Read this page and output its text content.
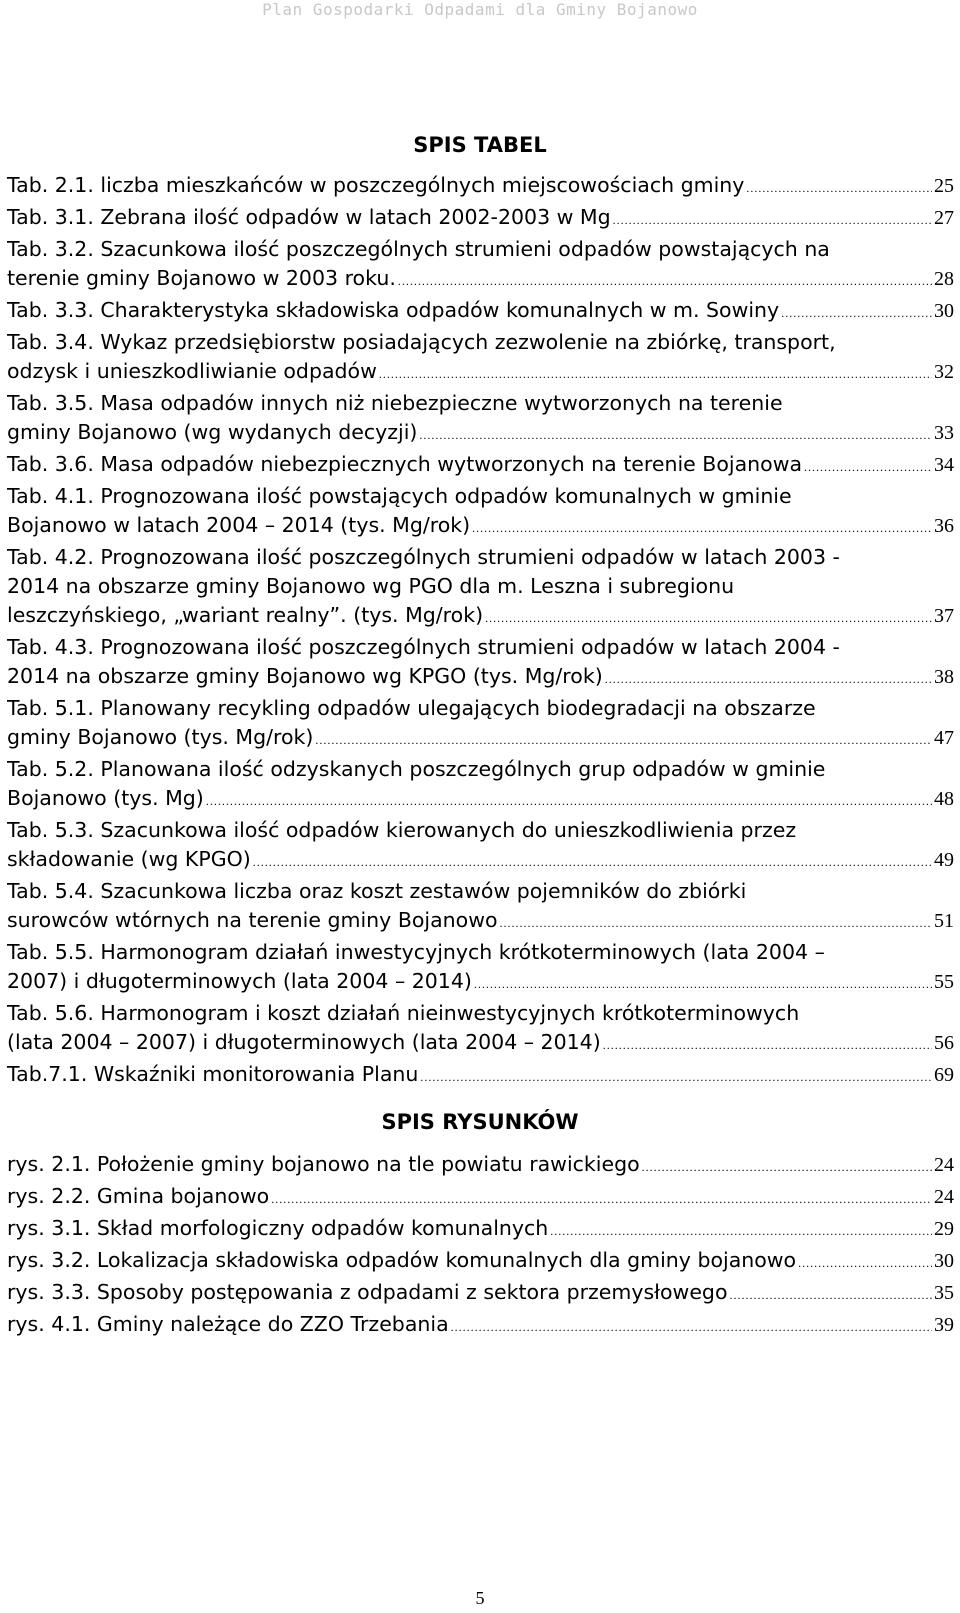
Plan Gospodarki Odpadami dla Gminy Bojanowo
SPIS TABEL
Tab. 2.1. liczba mieszkańców w poszczególnych miejscowościach gminy .....	25
Tab. 3.1. Zebrana ilość odpadów w latach 2002-2003 w Mg .....	27
Tab. 3.2. Szacunkowa ilość poszczególnych strumieni odpadów powstających na
terenie gminy Bojanowo w 2003 roku. .....	28
Tab. 3.3. Charakterystyka składowiska odpadów komunalnych w m. Sowiny .....	30
Tab. 3.4. Wykaz przedsiębiorstw posiadających zezwolenie na zbiórkę, transport,
odzysk i unieszkodliwianie odpadów .....	32
Tab. 3.5. Masa odpadów innych niż niebezpieczne wytworzonych na terenie
gminy Bojanowo (wg wydanych decyzji) .....	33
Tab. 3.6. Masa odpadów niebezpiecznych wytworzonych na terenie Bojanowa .....	34
Tab. 4.1. Prognozowana ilość powstających odpadów komunalnych w gminie
Bojanowo w latach 2004 – 2014 (tys. Mg/rok) .....	36
Tab. 4.2. Prognozowana ilość poszczególnych strumieni odpadów w latach 2003 -
2014 na obszarze gminy Bojanowo wg PGO dla m. Leszna i subregionu
leszczyńskiego, „wariant realny”. (tys. Mg/rok) .....	37
Tab. 4.3. Prognozowana ilość poszczególnych strumieni odpadów w latach 2004 -
2014 na obszarze gminy Bojanowo wg KPGO (tys. Mg/rok) .....	38
Tab. 5.1. Planowany recykling odpadów ulegających biodegradacji na obszarze
gminy Bojanowo (tys. Mg/rok) .....	47
Tab. 5.2. Planowana ilość odzyskanych poszczególnych grup odpadów w gminie
Bojanowo (tys. Mg) .....	48
Tab. 5.3. Szacunkowa ilość odpadów kierowanych do unieszkodliwienia przez
składowanie (wg KPGO) .....	49
Tab. 5.4. Szacunkowa liczba oraz koszt zestawów pojemników do zbiórki
surowców wtórnych na terenie gminy Bojanowo .....	51
Tab. 5.5. Harmonogram działań inwestycyjnych krótkoterminowych (lata 2004 –
2007) i długoterminowych (lata 2004 – 2014) .....	55
Tab. 5.6. Harmonogram i koszt działań nieinwestycyjnych krótkoterminowych
(lata 2004 – 2007) i długoterminowych (lata 2004 – 2014) .....	56
Tab.7.1. Wskaźniki monitorowania Planu .....	69
SPIS RYSUNKÓW
rys. 2.1. Położenie gminy bojanowo na tle powiatu rawickiego .....	24
rys. 2.2. Gmina bojanowo .....	24
rys. 3.1. Skład morfologiczny odpadów komunalnych .....	29
rys. 3.2. Lokalizacja składowiska odpadów komunalnych dla gminy bojanowo .....	30
rys. 3.3. Sposoby postępowania z odpadami z sektora przemysłowego .....	35
rys. 4.1. Gminy należące do ZZO Trzebania .....	39
5
